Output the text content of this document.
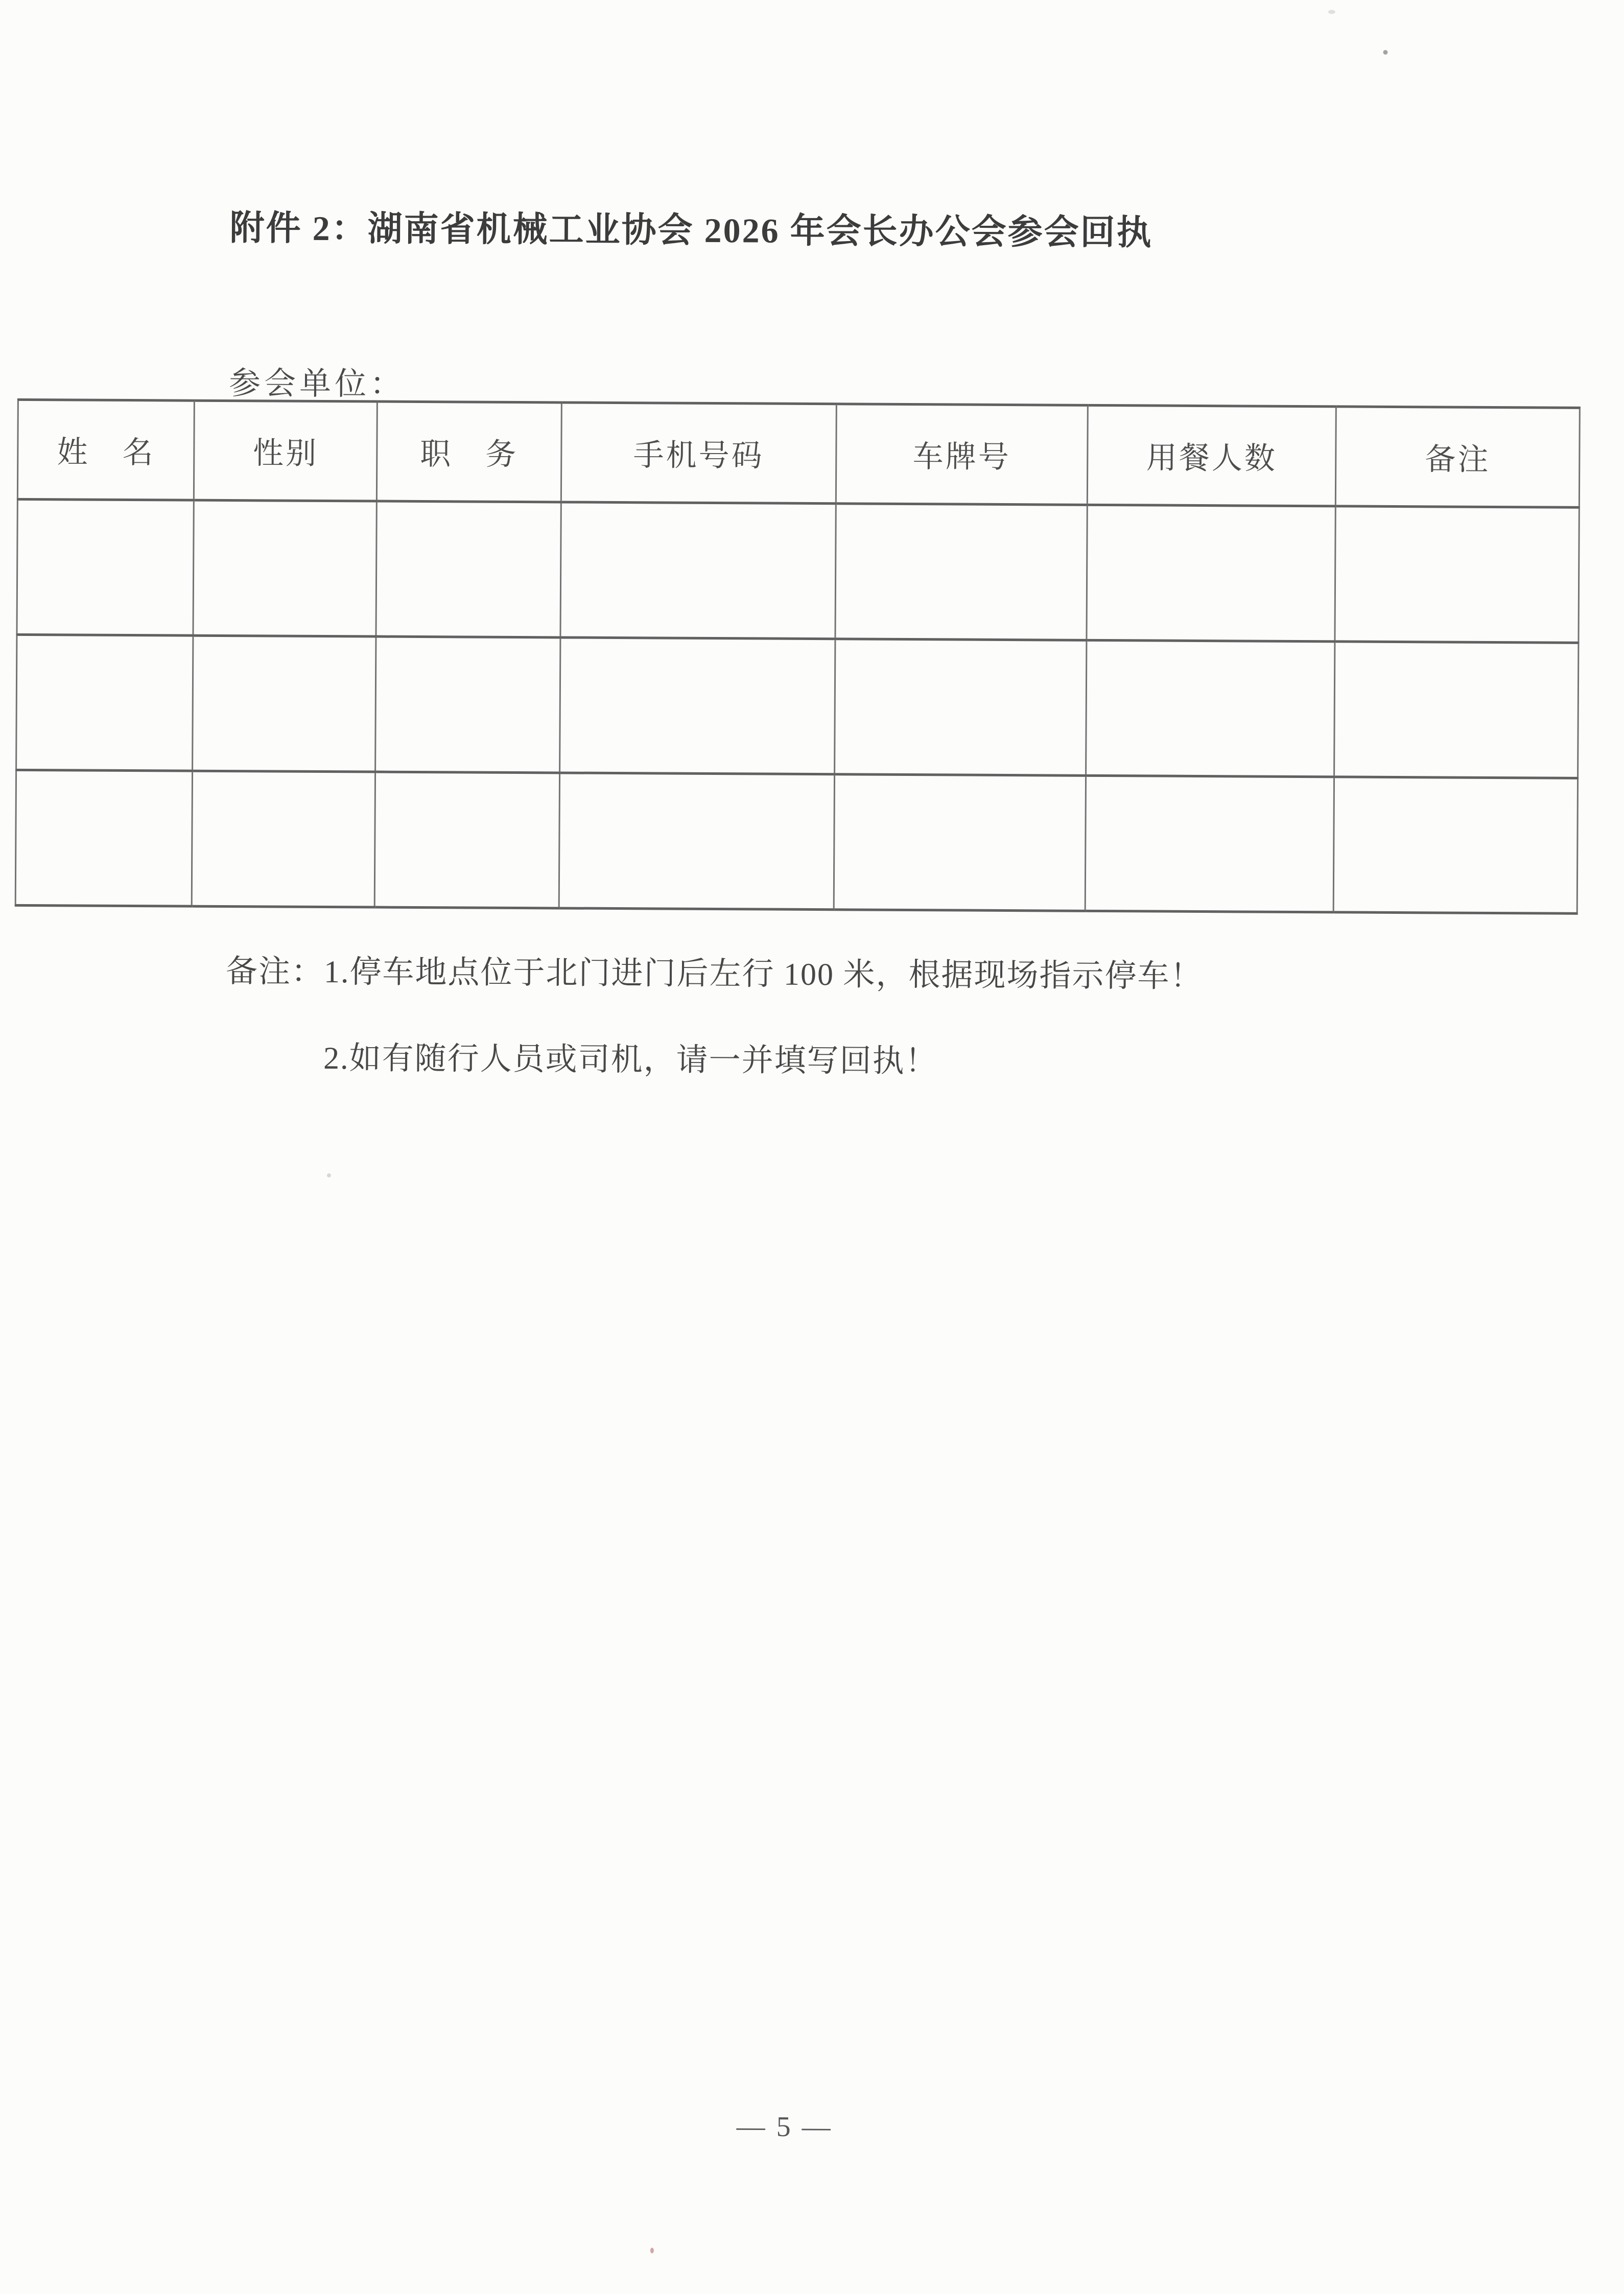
附件 2：湖南省机械工业协会 2026 年会长办公会参会回执
参会单位：
姓　名	性别	职　务	手机号码	车牌号	用餐人数	备注

备注： 1.停车地点位于北门进门后左行 100 米，根据现场指示停车！
2.如有随行人员或司机，请一并填写回执！
— 5 —
